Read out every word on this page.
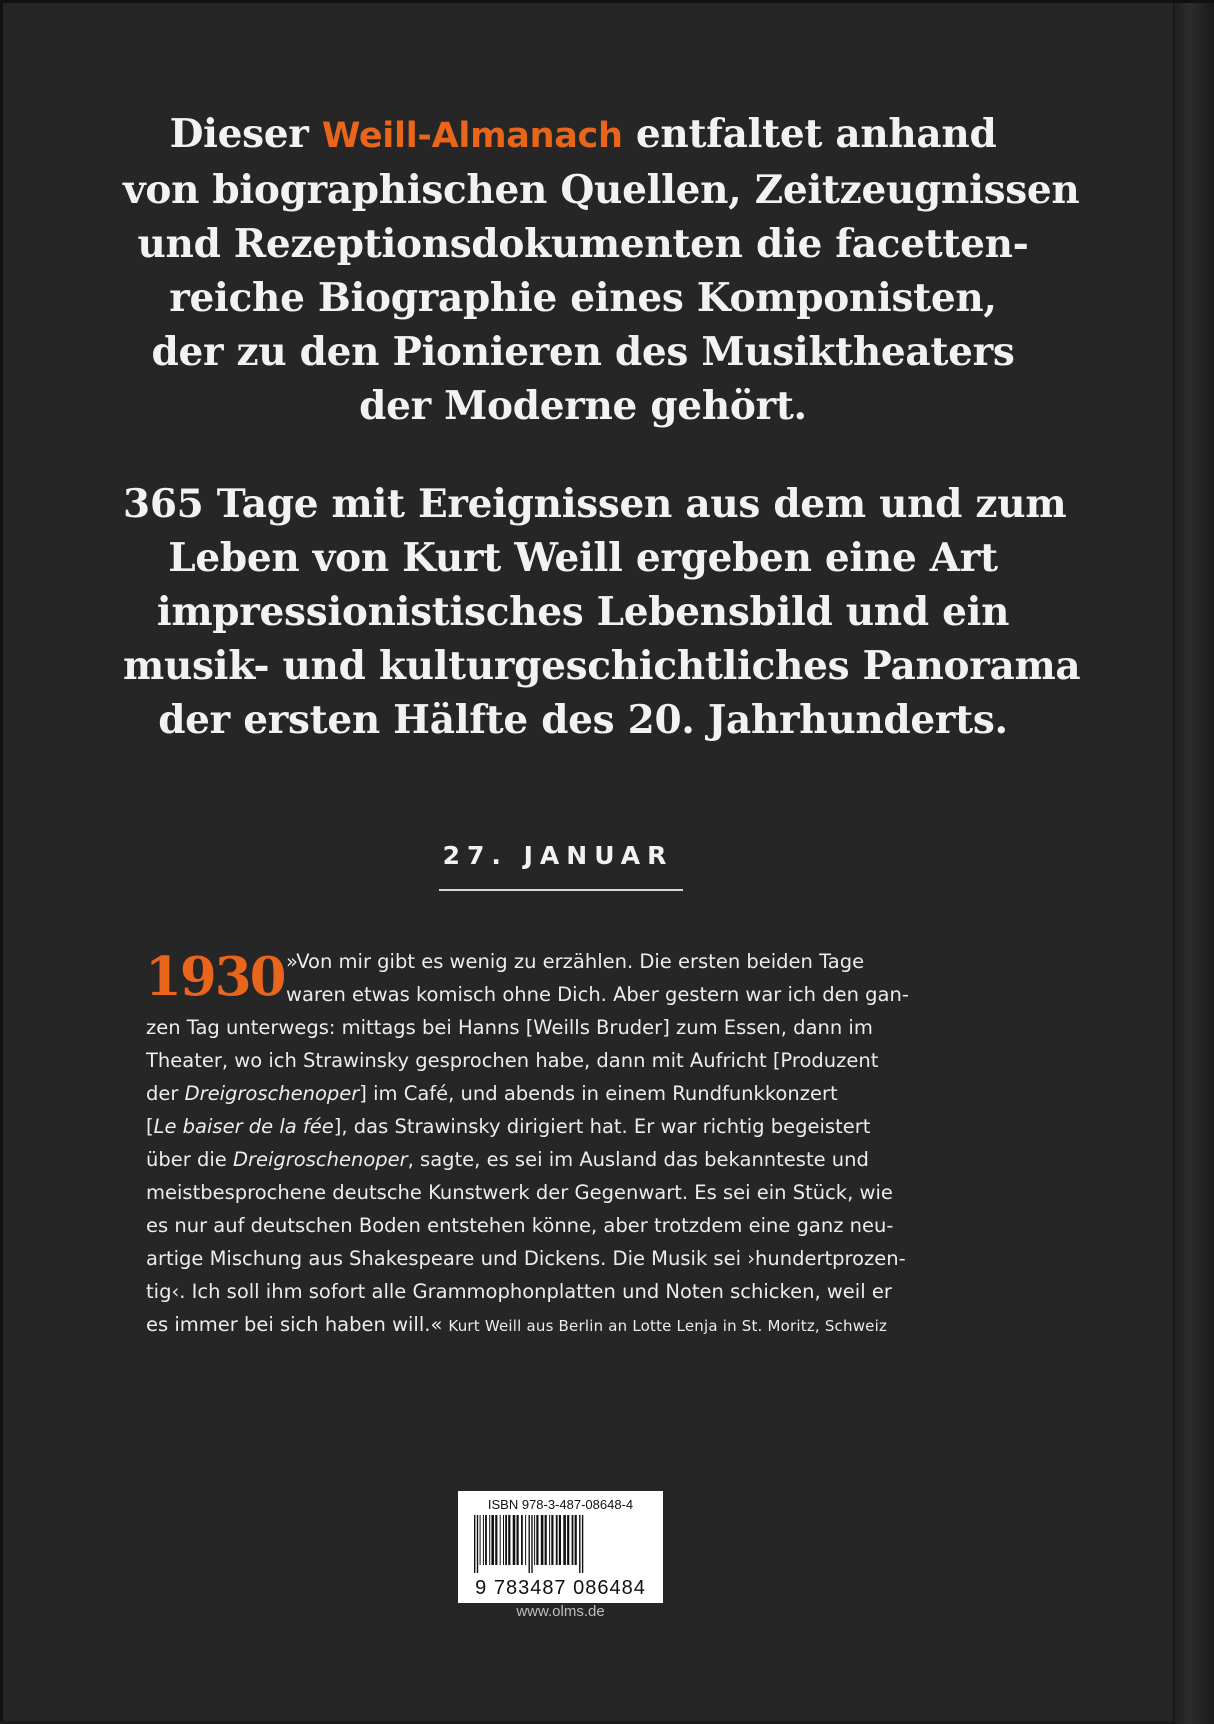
Dieser Weill-Almanach entfaltet anhand
von biographischen Quellen, Zeitzeugnissen
und Rezeptionsdokumenten die facetten-
reiche Biographie eines Komponisten,
der zu den Pionieren des Musiktheaters
der Moderne gehört.
365 Tage mit Ereignissen aus dem und zum
Leben von Kurt Weill ergeben eine Art
impressionistisches Lebensbild und ein
musik- und kulturgeschichtliches Panorama
der ersten Hälfte des 20. Jahrhunderts.
27. JANUAR
1930 »Von mir gibt es wenig zu erzählen. Die ersten beiden Tage
waren etwas komisch ohne Dich. Aber gestern war ich den gan-
zen Tag unterwegs: mittags bei Hanns [Weills Bruder] zum Essen, dann im
Theater, wo ich Strawinsky gesprochen habe, dann mit Aufricht [Produzent
der Dreigroschenoper] im Café, und abends in einem Rundfunkkonzert
[Le baiser de la fée], das Strawinsky dirigiert hat. Er war richtig begeistert
über die Dreigroschenoper, sagte, es sei im Ausland das bekannteste und
meistbesprochene deutsche Kunstwerk der Gegenwart. Es sei ein Stück, wie
es nur auf deutschen Boden entstehen könne, aber trotzdem eine ganz neu-
artige Mischung aus Shakespeare und Dickens. Die Musik sei ›hundertprozen-
tig‹. Ich soll ihm sofort alle Grammophonplatten und Noten schicken, weil er
es immer bei sich haben will.« Kurt Weill aus Berlin an Lotte Lenja in St. Moritz, Schweiz
ISBN 978-3-487-08648-4
9 783487 086484
www.olms.de
